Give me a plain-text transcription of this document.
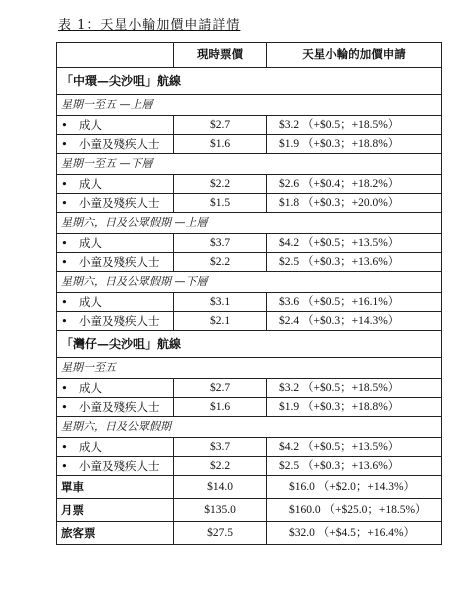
表 1：天星小輪加價申請詳情
	現時票價	天星小輪的加價申請
「中環—尖沙咀」航線		
星期一至五 —上層		
• 成人	$2.7	$3.2 （+$0.5；+18.5%）
• 小童及殘疾人士	$1.6	$1.9 （+$0.3；+18.8%）
星期一至五 —下層		
• 成人	$2.2	$2.6 （+$0.4；+18.2%）
• 小童及殘疾人士	$1.5	$1.8 （+$0.3；+20.0%）
星期六，日及公眾假期 —上層		
• 成人	$3.7	$4.2 （+$0.5；+13.5%）
• 小童及殘疾人士	$2.2	$2.5 （+$0.3；+13.6%）
星期六，日及公眾假期 —下層		
• 成人	$3.1	$3.6 （+$0.5；+16.1%）
• 小童及殘疾人士	$2.1	$2.4 （+$0.3；+14.3%）
「灣仔—尖沙咀」航線		
星期一至五		
• 成人	$2.7	$3.2 （+$0.5；+18.5%）
• 小童及殘疾人士	$1.6	$1.9 （+$0.3；+18.8%）
星期六，日及公眾假期		
• 成人	$3.7	$4.2 （+$0.5；+13.5%）
• 小童及殘疾人士	$2.2	$2.5 （+$0.3；+13.6%）
單車	$14.0	$16.0 （+$2.0；+14.3%）
月票	$135.0	$160.0 （+$25.0；+18.5%）
旅客票	$27.5	$32.0 （+$4.5；+16.4%）
